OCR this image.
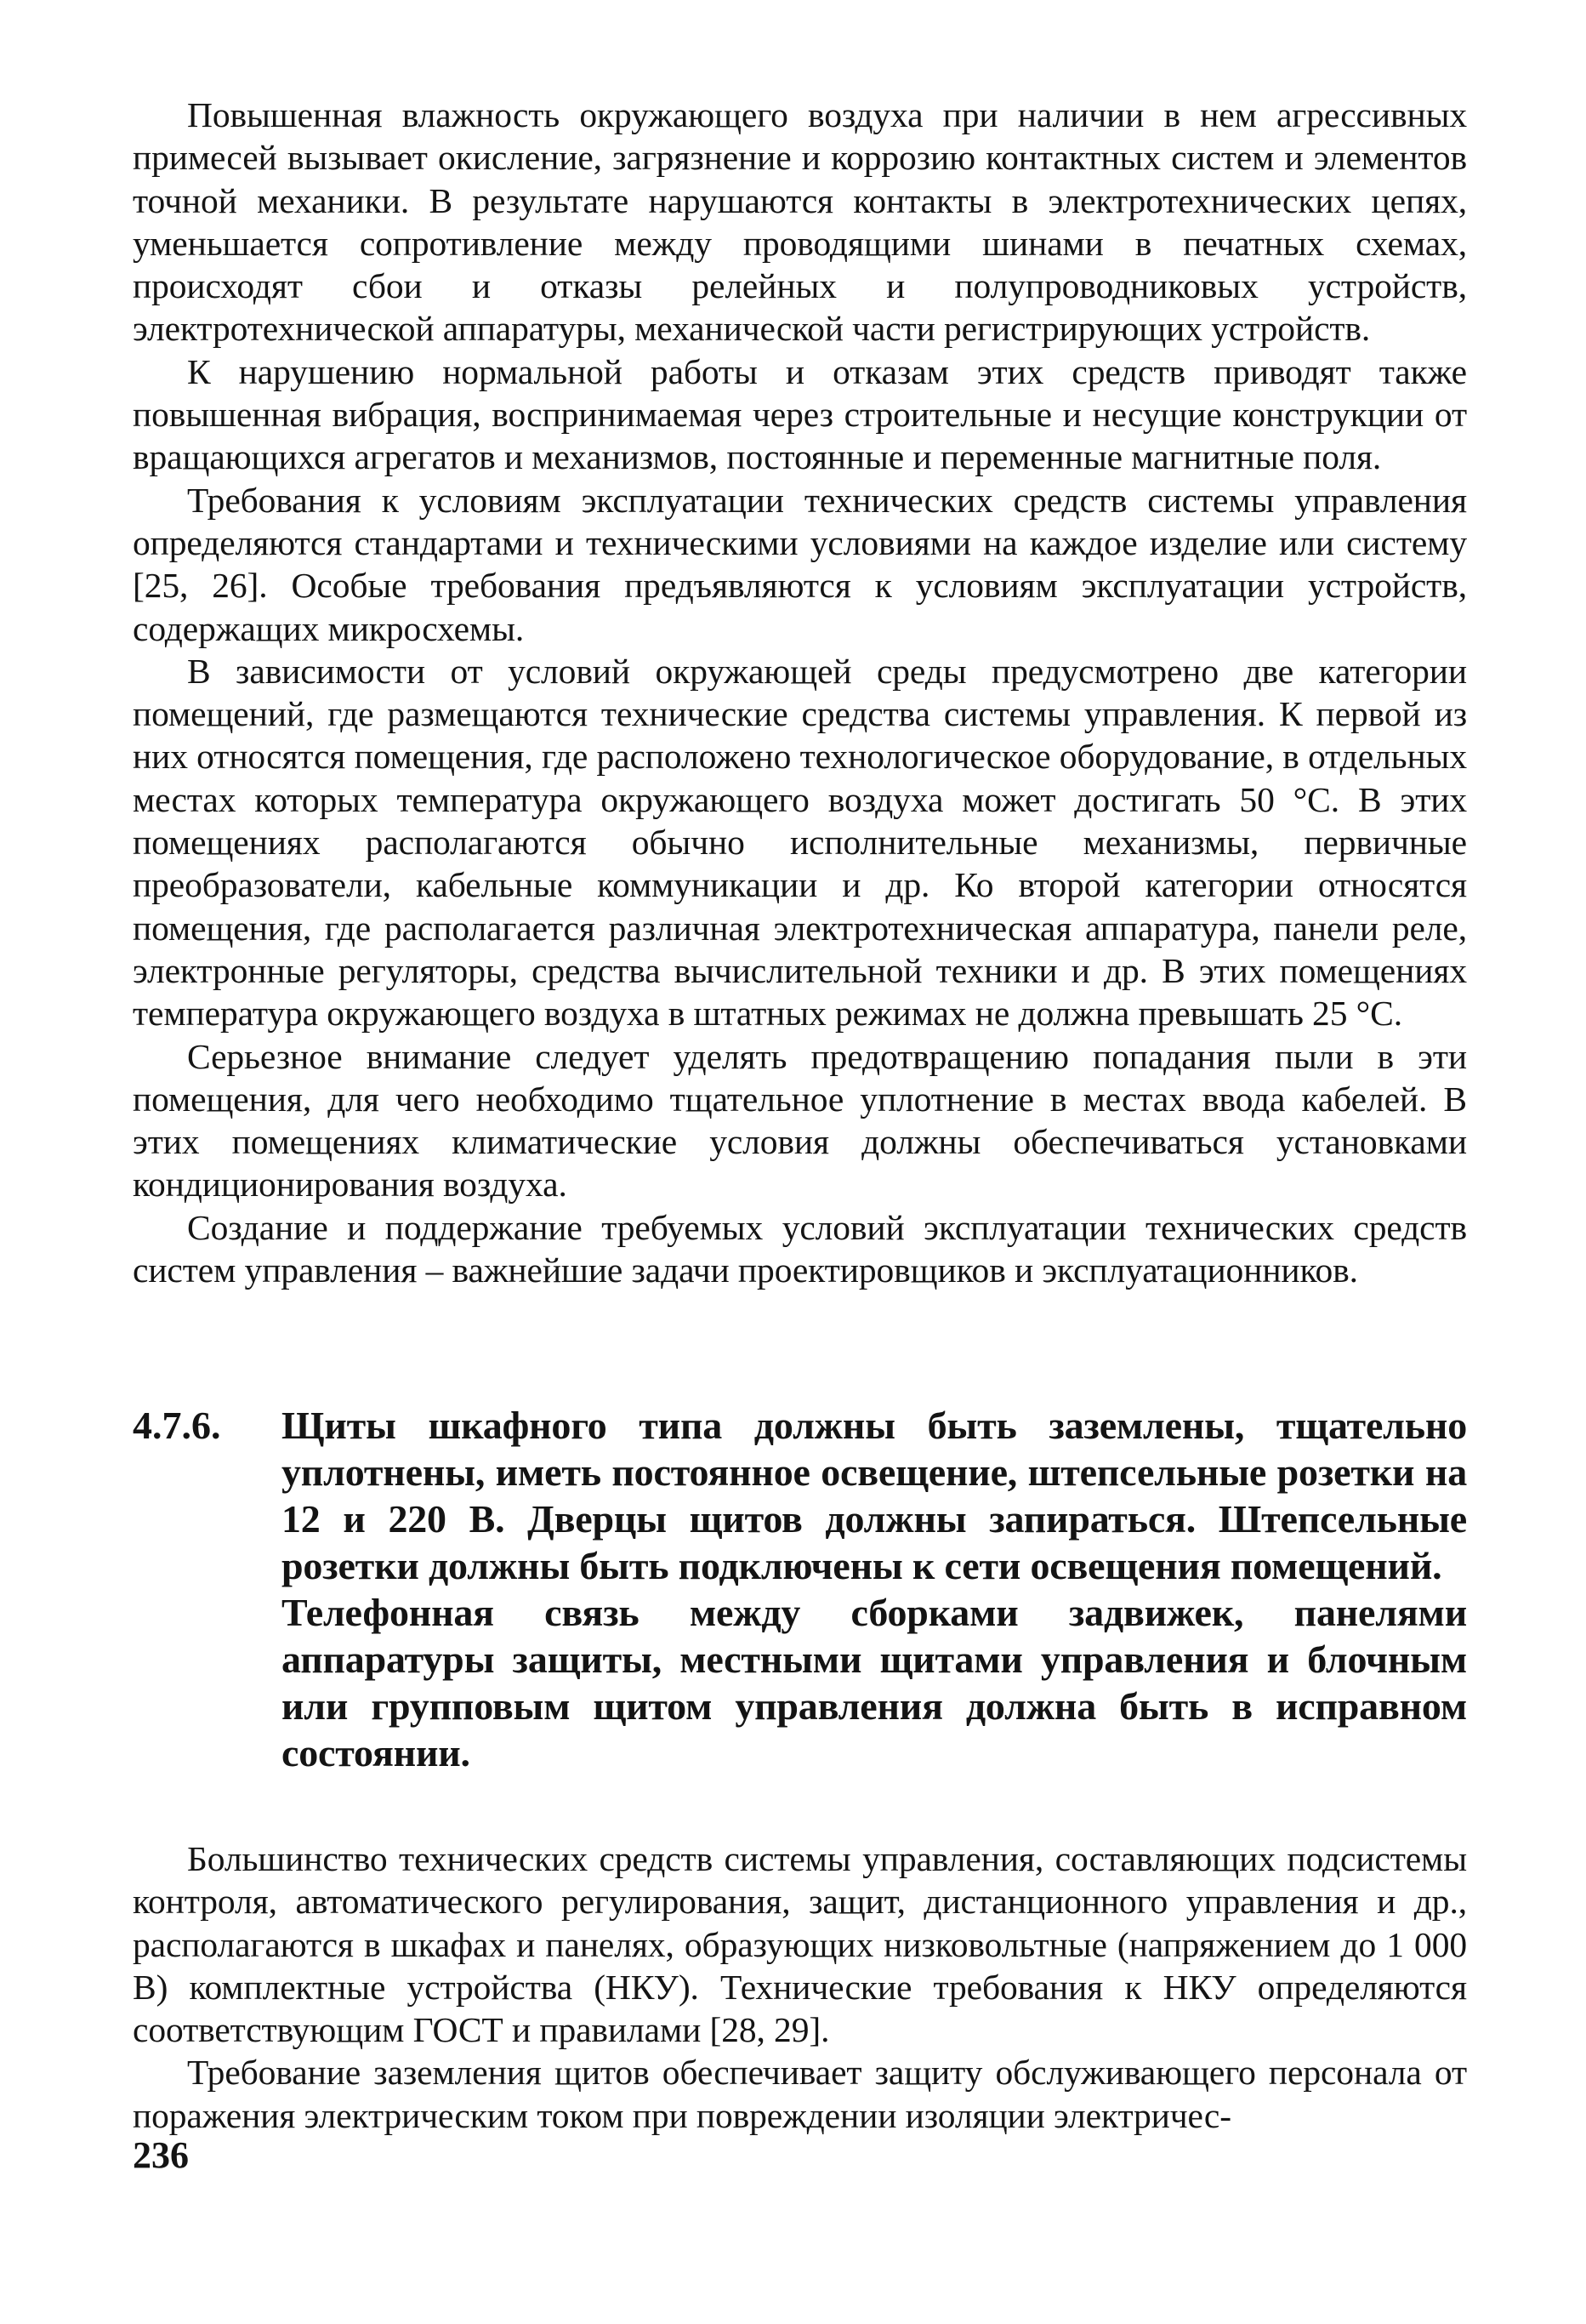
Повышенная влажность окружающего воздуха при наличии в нем агрессивных примесей вызывает окисление, загрязнение и коррозию контактных систем и элементов точной механики. В результате нарушаются контакты в электротехнических цепях, уменьшается сопротивление между проводящими шинами в печатных схемах, происходят сбои и отказы релейных и полупроводниковых устройств, электротехнической аппаратуры, механической части регистрирующих устройств.

К нарушению нормальной работы и отказам этих средств приводят также повышенная вибрация, воспринимаемая через строительные и несущие конструкции от вращающихся агрегатов и механизмов, постоянные и переменные магнитные поля.

Требования к условиям эксплуатации технических средств системы управления определяются стандартами и техническими условиями на каждое изделие или систему [25, 26]. Особые требования предъявляются к условиям эксплуатации устройств, содержащих микросхемы.

В зависимости от условий окружающей среды предусмотрено две категории помещений, где размещаются технические средства системы управления. К первой из них относятся помещения, где расположено технологическое оборудование, в отдельных местах которых температура окружающего воздуха может достигать 50 °С. В этих помещениях располагаются обычно исполнительные механизмы, первичные преобразователи, кабельные коммуникации и др. Ко второй категории относятся помещения, где располагается различная электротехническая аппаратура, панели реле, электронные регуляторы, средства вычислительной техники и др. В этих помещениях температура окружающего воздуха в штатных режимах не должна превышать 25 °С.

Серьезное внимание следует уделять предотвращению попадания пыли в эти помещения, для чего необходимо тщательное уплотнение в местах ввода кабелей. В этих помещениях климатические условия должны обеспечиваться установками кондиционирования воздуха.

Создание и поддержание требуемых условий эксплуатации технических средств систем управления – важнейшие задачи проектировщиков и эксплуатационников.

4.7.6. Щиты шкафного типа должны быть заземлены, тщательно уплотнены, иметь постоянное освещение, штепсельные розетки на 12 и 220 В. Дверцы щитов должны запираться. Штепсельные розетки должны быть подключены к сети освещения помещений.

Телефонная связь между сборками задвижек, панелями аппаратуры защиты, местными щитами управления и блочным или групповым щитом управления должна быть в исправном состоянии.

Большинство технических средств системы управления, составляющих подсистемы контроля, автоматического регулирования, защит, дистанционного управления и др., располагаются в шкафах и панелях, образующих низковольтные (напряжением до 1 000 В) комплектные устройства (НКУ). Технические требования к НКУ определяются соответствующим ГОСТ и правилами [28, 29].

Требование заземления щитов обеспечивает защиту обслуживающего персонала от поражения электрическим током при повреждении изоляции электричес-

236
